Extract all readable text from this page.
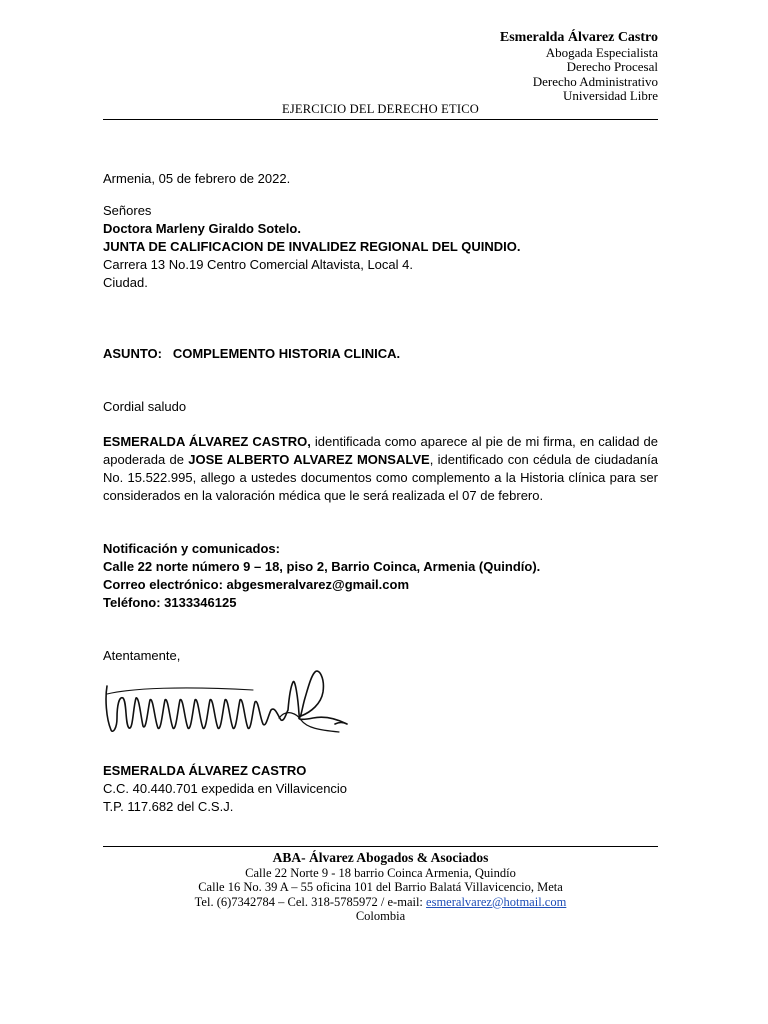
Esmeralda Álvarez Castro
Abogada Especialista
Derecho Procesal
Derecho Administrativo
Universidad Libre
EJERCICIO DEL DERECHO ETICO
Armenia, 05 de febrero de 2022.
Señores
Doctora Marleny Giraldo Sotelo.
JUNTA DE CALIFICACION DE INVALIDEZ REGIONAL DEL QUINDIO.
Carrera 13 No.19 Centro Comercial Altavista, Local 4.
Ciudad.
ASUNTO: COMPLEMENTO HISTORIA CLINICA.
Cordial saludo
ESMERALDA ÁLVAREZ CASTRO, identificada como aparece al pie de mi firma, en calidad de apoderada de JOSE ALBERTO ALVAREZ MONSALVE, identificado con cédula de ciudadanía No. 15.522.995, allego a ustedes documentos como complemento a la Historia clínica para ser considerados en la valoración médica que le será realizada el 07 de febrero.
Notificación y comunicados:
Calle 22 norte número 9 – 18, piso 2, Barrio Coinca, Armenia (Quindío).
Correo electrónico: abgesmeralvarez@gmail.com
Teléfono: 3133346125
Atentamente,
ESMERALDA ÁLVAREZ CASTRO
C.C. 40.440.701 expedida en Villavicencio
T.P. 117.682 del C.S.J.
ABA- Álvarez Abogados & Asociados
Calle 22 Norte 9 - 18 barrio Coinca Armenia, Quindío
Calle 16 No. 39 A – 55 oficina 101 del Barrio Balatá Villavicencio, Meta
Tel. (6)7342784 – Cel. 318-5785972 / e-mail: esmeralvarez@hotmail.com
Colombia
